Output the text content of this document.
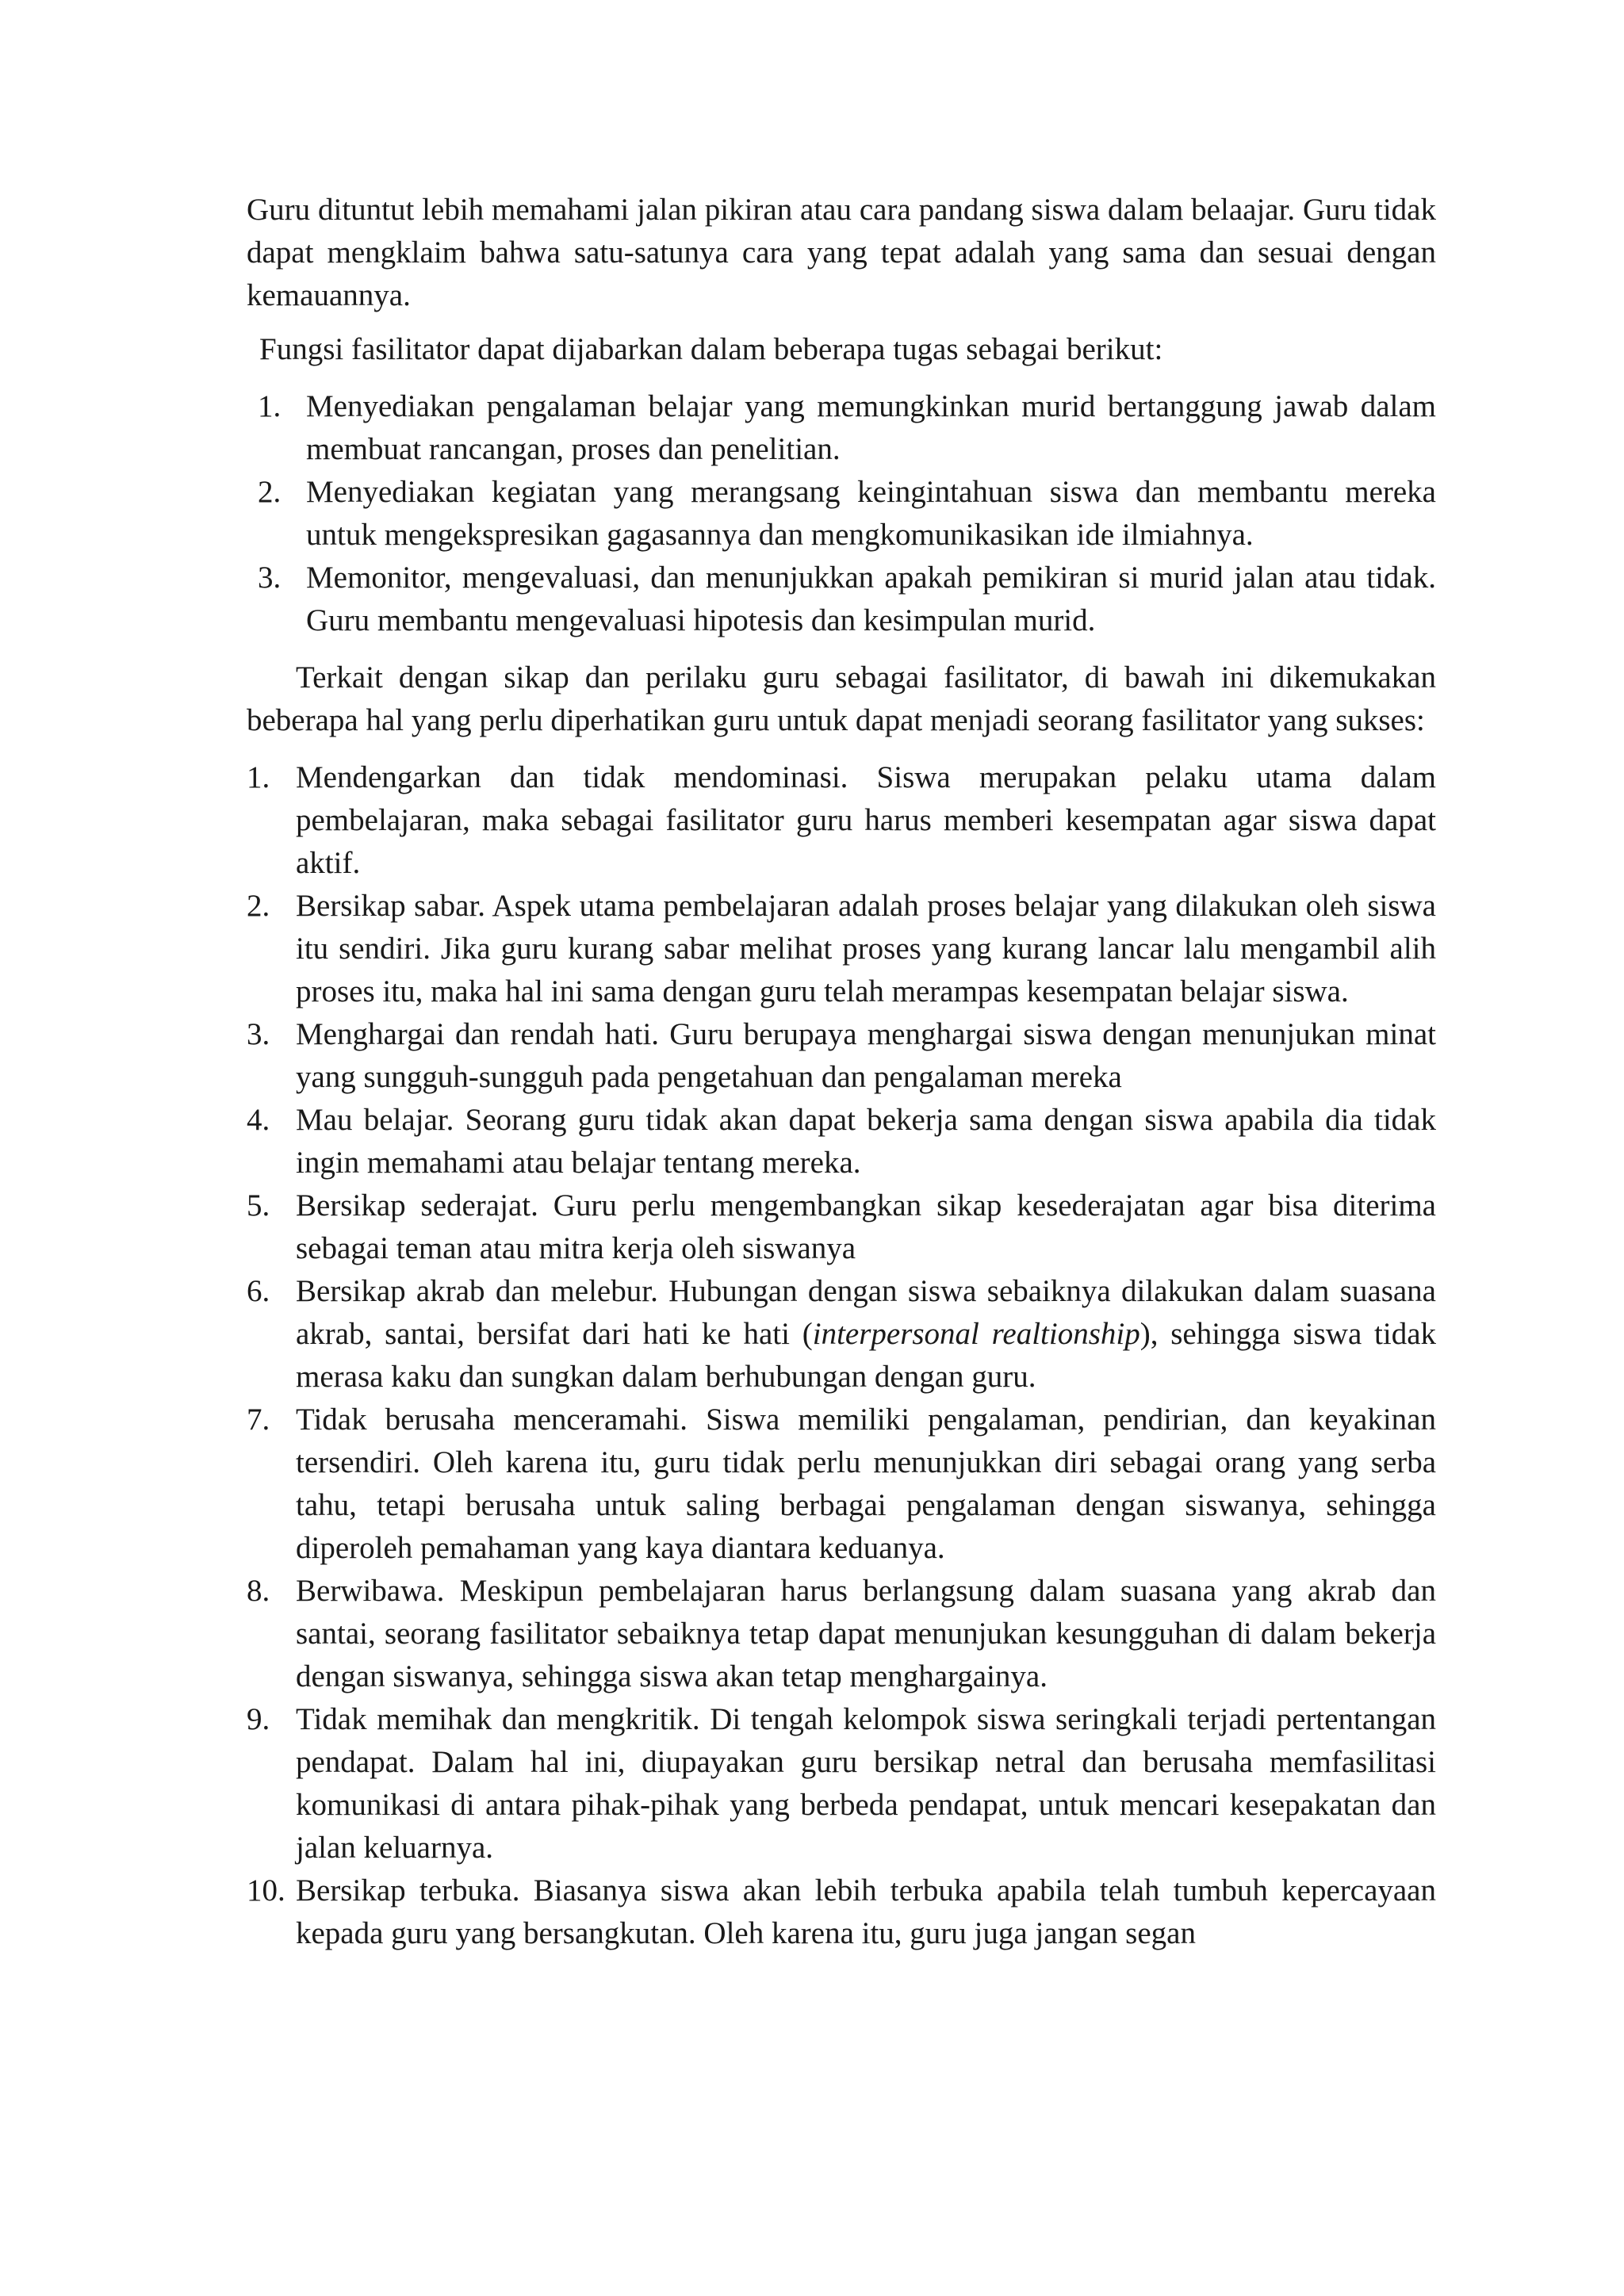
Guru dituntut lebih memahami jalan pikiran atau cara pandang siswa dalam belaajar. Guru tidak dapat mengklaim bahwa satu-satunya cara yang tepat adalah yang sama dan sesuai dengan kemauannya.

Fungsi fasilitator dapat dijabarkan dalam beberapa tugas sebagai berikut:

1. Menyediakan pengalaman belajar yang memungkinkan murid bertanggung jawab dalam membuat rancangan, proses dan penelitian.
2. Menyediakan kegiatan yang merangsang keingintahuan siswa dan membantu mereka untuk mengekspresikan gagasannya dan mengkomunikasikan ide ilmiahnya.
3. Memonitor, mengevaluasi, dan menunjukkan apakah pemikiran si murid jalan atau tidak. Guru membantu mengevaluasi hipotesis dan kesimpulan murid.

Terkait dengan sikap dan perilaku guru sebagai fasilitator, di bawah ini dikemukakan beberapa hal yang perlu diperhatikan guru untuk dapat menjadi seorang fasilitator yang sukses:

1. Mendengarkan dan tidak mendominasi. Siswa merupakan pelaku utama dalam pembelajaran, maka sebagai fasilitator guru harus memberi kesempatan agar siswa dapat aktif.
2. Bersikap sabar. Aspek utama pembelajaran adalah proses belajar yang dilakukan oleh siswa itu sendiri. Jika guru kurang sabar melihat proses yang kurang lancar lalu mengambil alih proses itu, maka hal ini sama dengan guru telah merampas kesempatan belajar siswa.
3. Menghargai dan rendah hati. Guru berupaya menghargai siswa dengan menunjukan minat yang sungguh-sungguh pada pengetahuan dan pengalaman mereka
4. Mau belajar. Seorang guru tidak akan dapat bekerja sama dengan siswa apabila dia tidak ingin memahami atau belajar tentang mereka.
5. Bersikap sederajat. Guru perlu mengembangkan sikap kesederajatan agar bisa diterima sebagai teman atau mitra kerja oleh siswanya
6. Bersikap akrab dan melebur. Hubungan dengan siswa sebaiknya dilakukan dalam suasana akrab, santai, bersifat dari hati ke hati (interpersonal realtionship), sehingga siswa tidak merasa kaku dan sungkan dalam berhubungan dengan guru.
7. Tidak berusaha menceramahi. Siswa memiliki pengalaman, pendirian, dan keyakinan tersendiri. Oleh karena itu, guru tidak perlu menunjukkan diri sebagai orang yang serba tahu, tetapi berusaha untuk saling berbagai pengalaman dengan siswanya, sehingga diperoleh pemahaman yang kaya diantara keduanya.
8. Berwibawa. Meskipun pembelajaran harus berlangsung dalam suasana yang akrab dan santai, seorang fasilitator sebaiknya tetap dapat menunjukan kesungguhan di dalam bekerja dengan siswanya, sehingga siswa akan tetap menghargainya.
9. Tidak memihak dan mengkritik. Di tengah kelompok siswa seringkali terjadi pertentangan pendapat. Dalam hal ini, diupayakan guru bersikap netral dan berusaha memfasilitasi komunikasi di antara pihak-pihak yang berbeda pendapat, untuk mencari kesepakatan dan jalan keluarnya.
10. Bersikap terbuka. Biasanya siswa akan lebih terbuka apabila telah tumbuh kepercayaan kepada guru yang bersangkutan. Oleh karena itu, guru juga jangan segan
